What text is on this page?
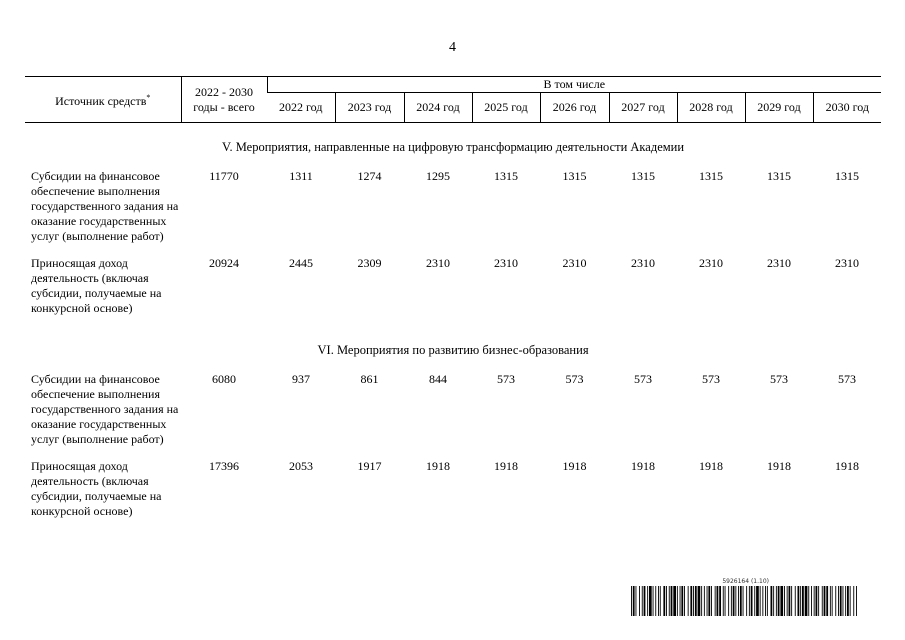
4
Источник средств*	2022 - 2030 годы - всего	В том числе								
		2022 год	2023 год	2024 год	2025 год	2026 год	2027 год	2028 год	2029 год	2030 год
V. Мероприятия, направленные на цифровую трансформацию деятельности Академии										
Субсидии на финансовое обеспечение выполнения государственного задания на оказание государственных услуг (выполнение работ)	11770	1311	1274	1295	1315	1315	1315	1315	1315	1315
Приносящая доход деятельность (включая субсидии, получаемые на конкурсной основе)	20924	2445	2309	2310	2310	2310	2310	2310	2310	2310
VI. Мероприятия по развитию бизнес-образования										
Субсидии на финансовое обеспечение выполнения государственного задания на оказание государственных услуг (выполнение работ)	6080	937	861	844	573	573	573	573	573	573
Приносящая доход деятельность (включая субсидии, получаемые на конкурсной основе)	17396	2053	1917	1918	1918	1918	1918	1918	1918	1918
5926164 (1.10)
